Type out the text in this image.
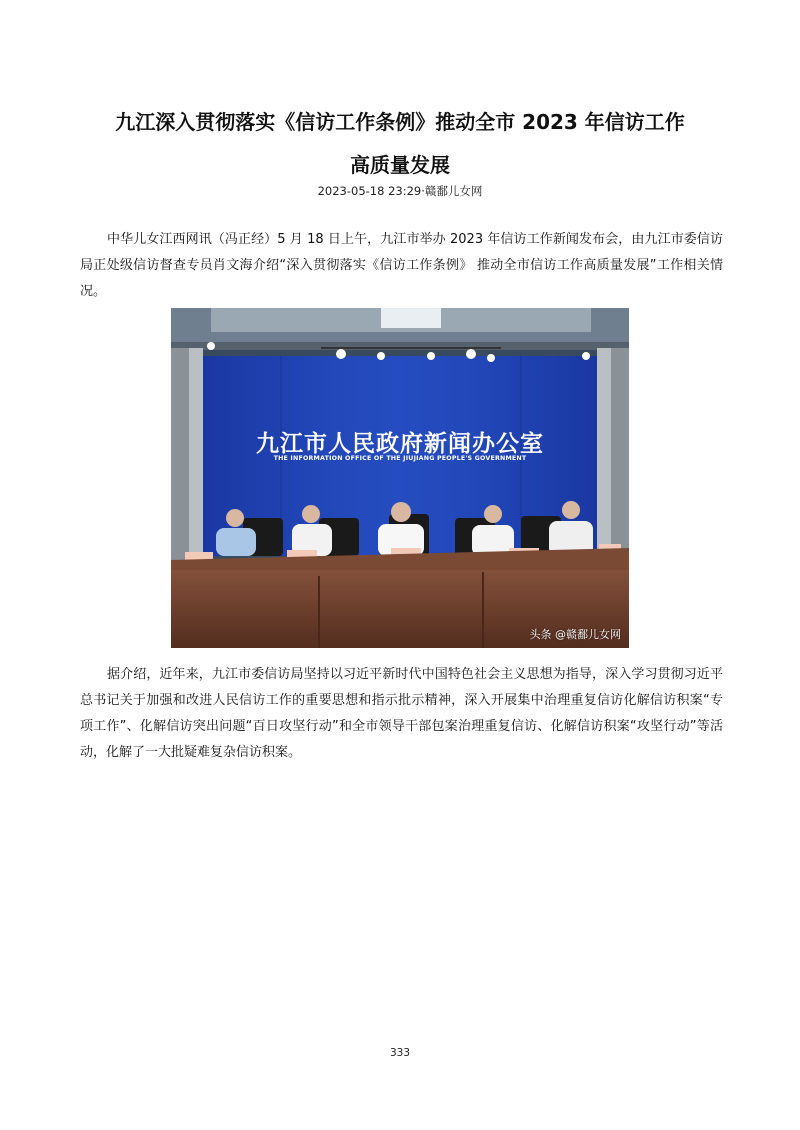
九江深入贯彻落实《信访工作条例》推动全市 2023 年信访工作
高质量发展
2023-05-18 23:29·赣鄱儿女网
中华儿女江西网讯（冯正经）5 月 18 日上午，九江市举办 2023 年信访工作新闻发布会，由九江市委信访局正处级信访督查专员肖文海介绍“深入贯彻落实《信访工作条例》 推动全市信访工作高质量发展”工作相关情况。
九江市人民政府新闻办公室
THE INFORMATION OFFICE OF THE JIUJIANG PEOPLE'S GOVERNMENT
头条 @赣鄱儿女网
据介绍，近年来，九江市委信访局坚持以习近平新时代中国特色社会主义思想为指导，深入学习贯彻习近平总书记关于加强和改进人民信访工作的重要思想和指示批示精神，深入开展集中治理重复信访化解信访积案“专项工作”、化解信访突出问题“百日攻坚行动”和全市领导干部包案治理重复信访、化解信访积案“攻坚行动”等活动，化解了一大批疑难复杂信访积案。
333
